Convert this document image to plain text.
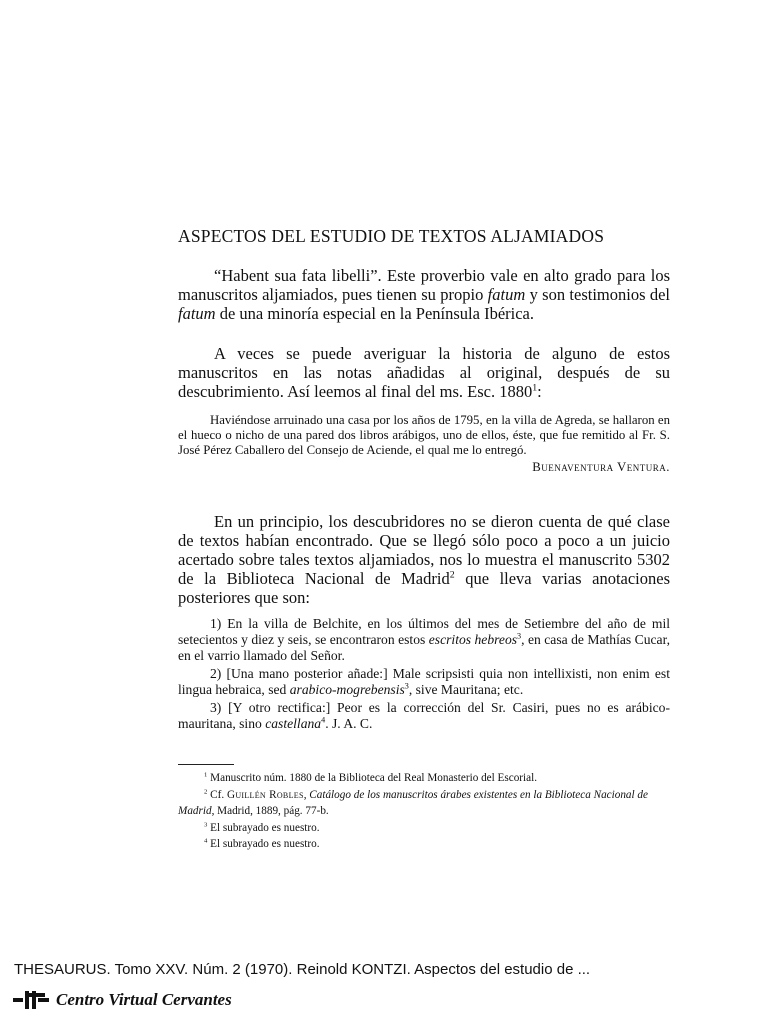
ASPECTOS DEL ESTUDIO DE TEXTOS ALJAMIADOS
“Habent sua fata libelli”. Este proverbio vale en alto grado para los manuscritos aljamiados, pues tienen su propio fatum y son testimonios del fatum de una minoría especial en la Península Ibérica.
A veces se puede averiguar la historia de alguno de estos manuscritos en las notas añadidas al original, después de su descubrimiento. Así leemos al final del ms. Esc. 1880$^1$:
Haviéndose arruinado una casa por los años de 1795, en la villa de Agreda, se hallaron en el hueco o nicho de una pared dos libros arábigos, uno de ellos, éste, que fue remitido al Fr. S. José Pérez Caballero del Consejo de Aciende, el qual me lo entregó.
Buenaventura Ventura.
En un principio, los descubridores no se dieron cuenta de qué clase de textos habían encontrado. Que se llegó sólo poco a poco a un juicio acertado sobre tales textos aljamiados, nos lo muestra el manuscrito 5302 de la Biblioteca Nacional de Madrid$^2$ que lleva varias anotaciones posteriores que son:
1) En la villa de Belchite, en los últimos del mes de Setiembre del año de mil setecientos y diez y seis, se encontraron estos escritos hebreos$^3$, en casa de Mathías Cucar, en el varrio llamado del Señor.
2) [Una mano posterior añade:] Male scripsisti quia non intellixisti, non enim est lingua hebraica, sed arabico-mogrebensis$^3$, sive Mauritana; etc.
3) [Y otro rectifica:] Peor es la corrección del Sr. Casiri, pues no es arábico-mauritana, sino castellana$^4$. J. A. C.
$^1$ Manuscrito núm. 1880 de la Biblioteca del Real Monasterio del Escorial.
$^2$ Cf. Guillén Robles, Catálogo de los manuscritos árabes existentes en la Biblioteca Nacional de Madrid, Madrid, 1889, pág. 77-b.
$^3$ El subrayado es nuestro.
$^4$ El subrayado es nuestro.
THESAURUS. Tomo XXV. Núm. 2 (1970). Reinold KONTZI. Aspectos del estudio de ...
Centro Virtual Cervantes
